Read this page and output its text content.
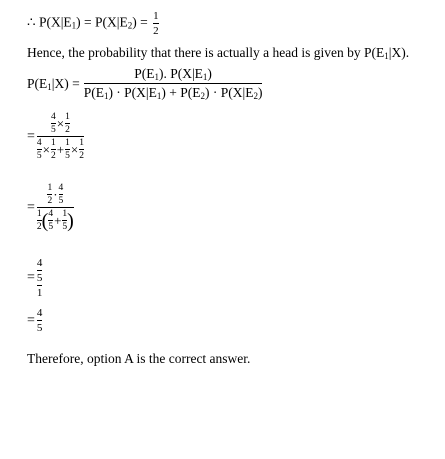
∴ $P(X|E_1) = P(X|E_2) = \frac{1}{2}$
Hence, the probability that there is actually a head is given by $P(E_1|X)$.
$P(E_1|X) = \frac{P(E_1). P(X|E_1)}{P(E_1) \cdot P(X|E_1) + P(E_2) \cdot P(X|E_2)}$
= $\frac{\frac{4}{5} \times \frac{1}{2}}{\frac{4}{5} \times \frac{1}{2} + \frac{1}{5} \times \frac{1}{2}}$
= $\frac{\frac{1}{2} \cdot \frac{4}{5}}{\frac{1}{2} ( \frac{4}{5} + \frac{1}{5} )}$
= $\frac{\frac{4}{5}}{1}$
= $\frac{4}{5}$
Therefore, option A is the correct answer.
